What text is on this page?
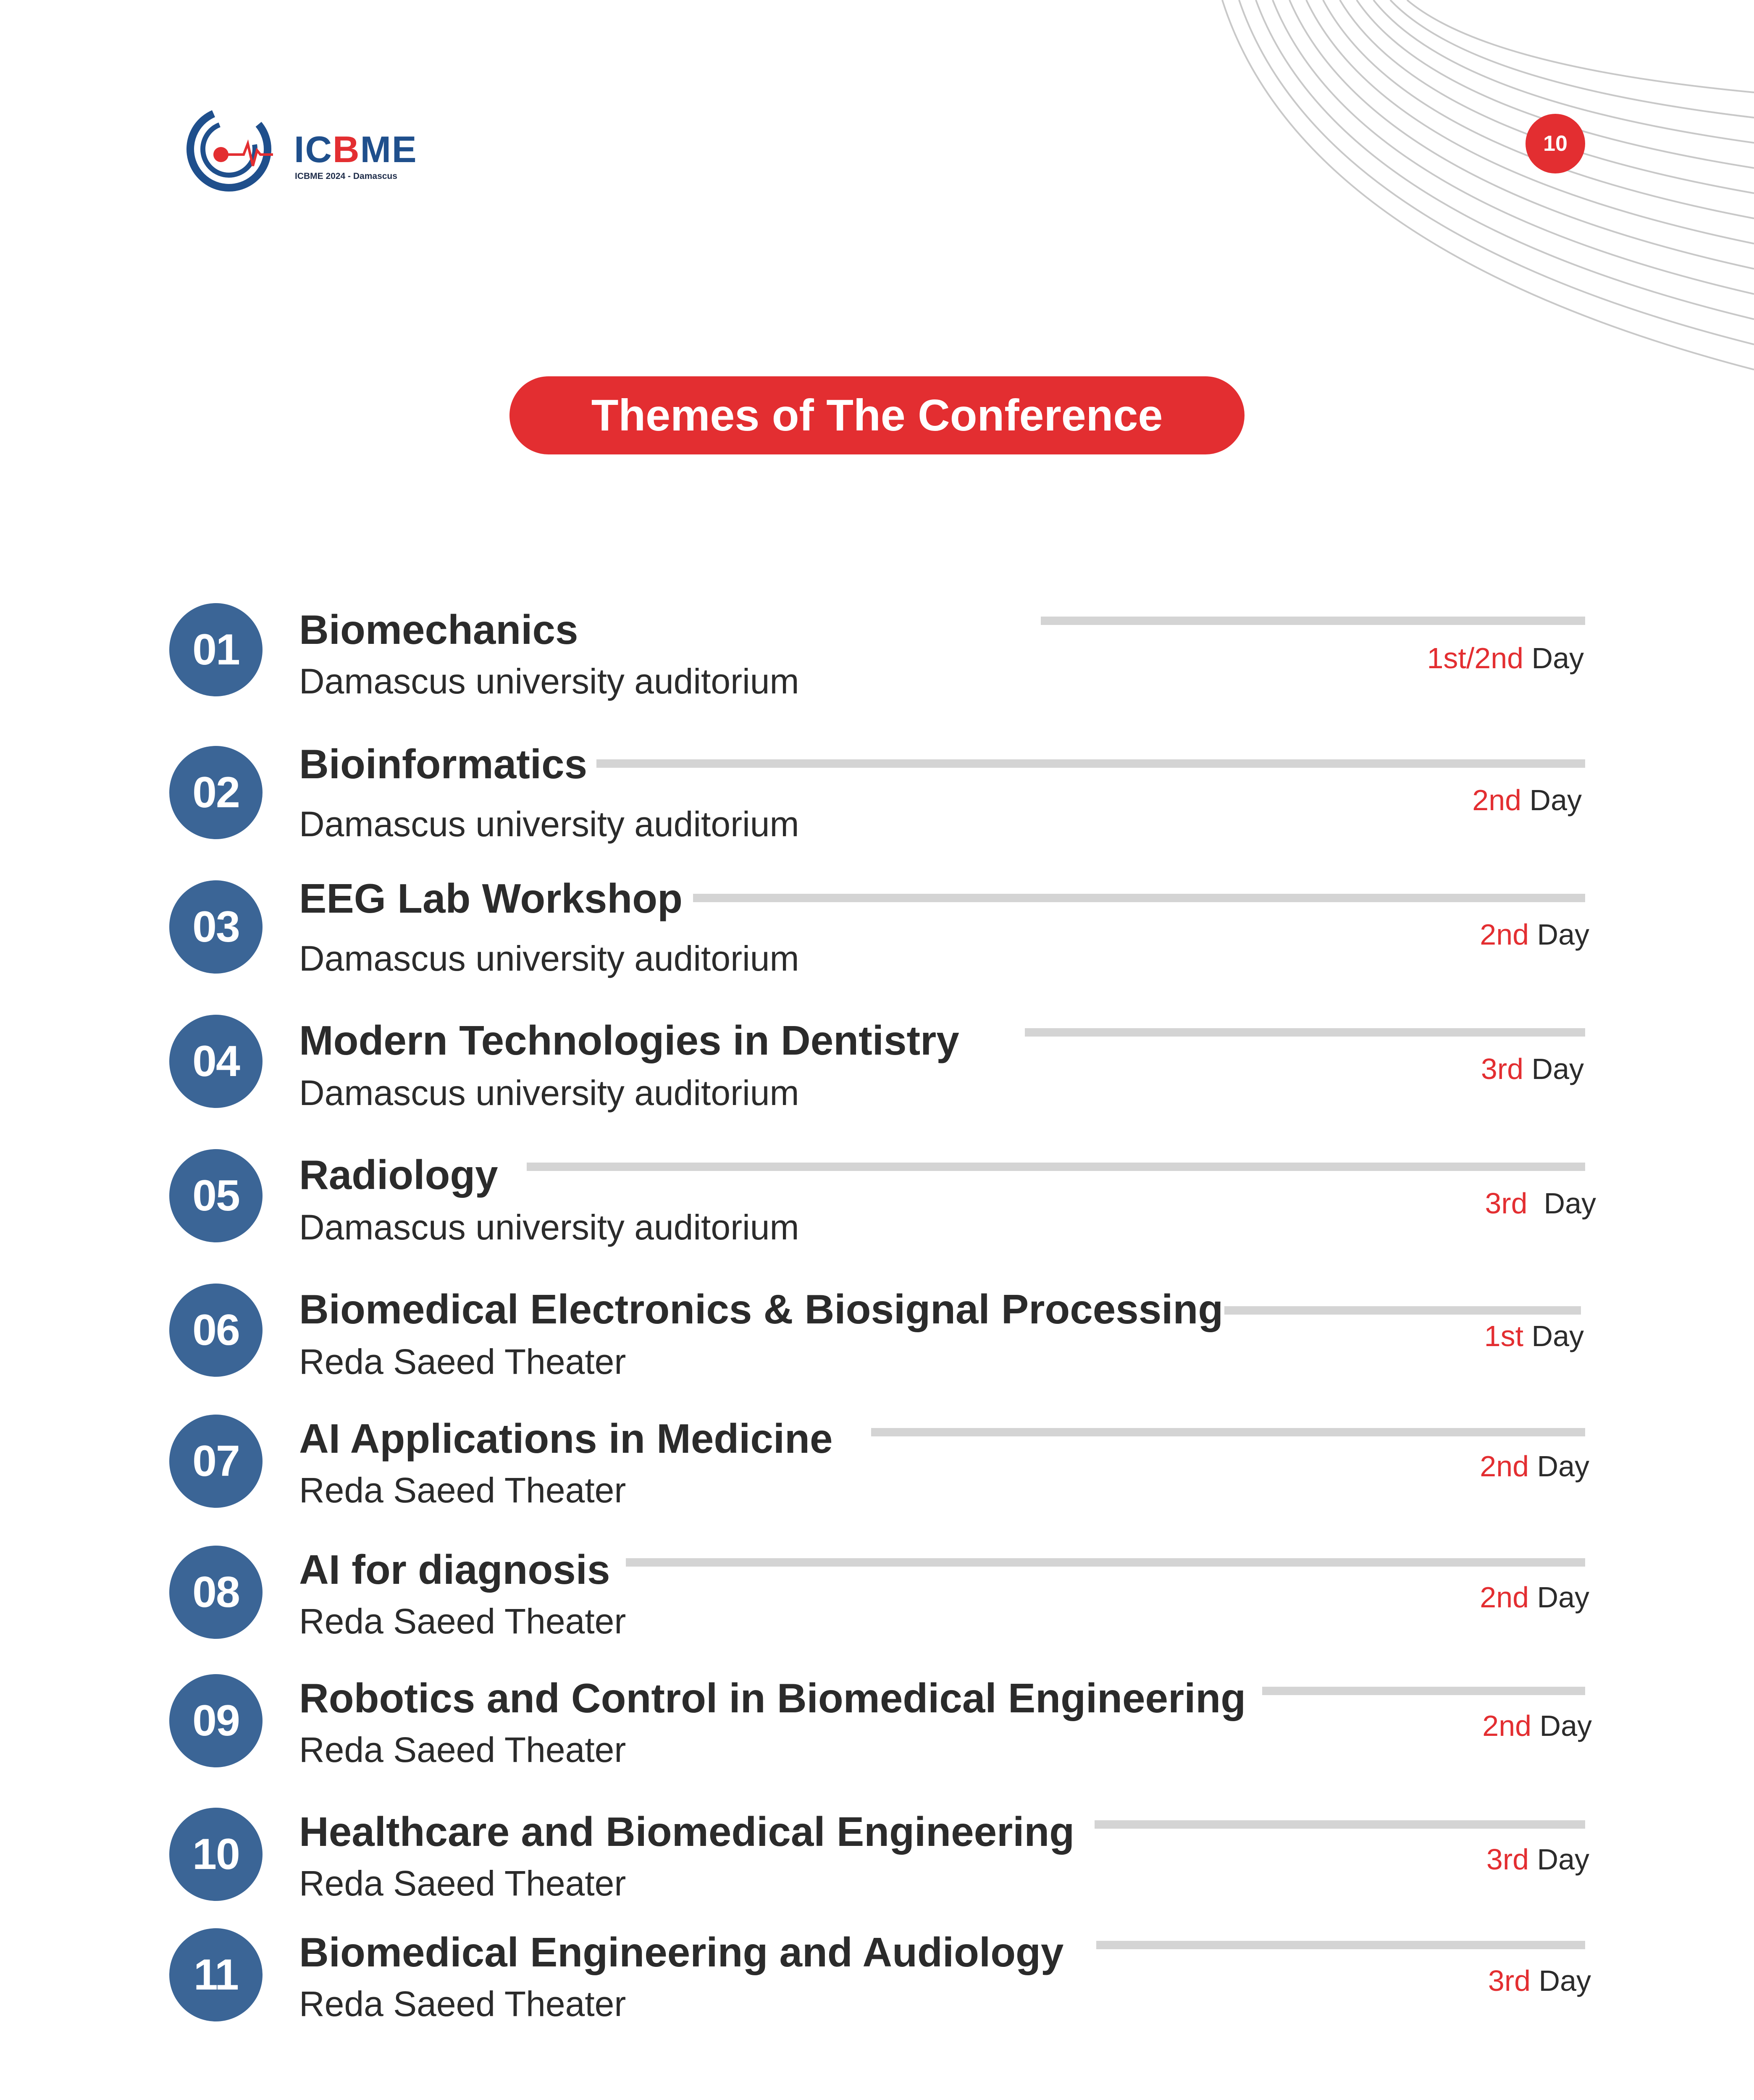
ICBME
ICBME 2024 - Damascus
10
Themes of The Conference
01	Biomechanics
Damascus university auditorium
1st/2nd Day
02
Bioinformatics
Damascus university auditorium
2nd Day
03
EEG Lab Workshop
Damascus university auditorium
2nd Day
04	Modern Technologies in Dentistry
Damascus university auditorium
3rd Day
05	Radiology
Damascus university auditorium
3rd Day
06	Biomedical Electronics & Biosignal Processing
Reda Saeed Theater
1st Day
07	AI Applications in Medicine
Reda Saeed Theater
2nd Day
08	AI for diagnosis
Reda Saeed Theater
2nd Day
09	Robotics and Control in Biomedical Engineering
Reda Saeed Theater
2nd Day
10	Healthcare and Biomedical Engineering
Reda Saeed Theater
3rd Day
11	Biomedical Engineering and Audiology
Reda Saeed Theater
3rd Day
